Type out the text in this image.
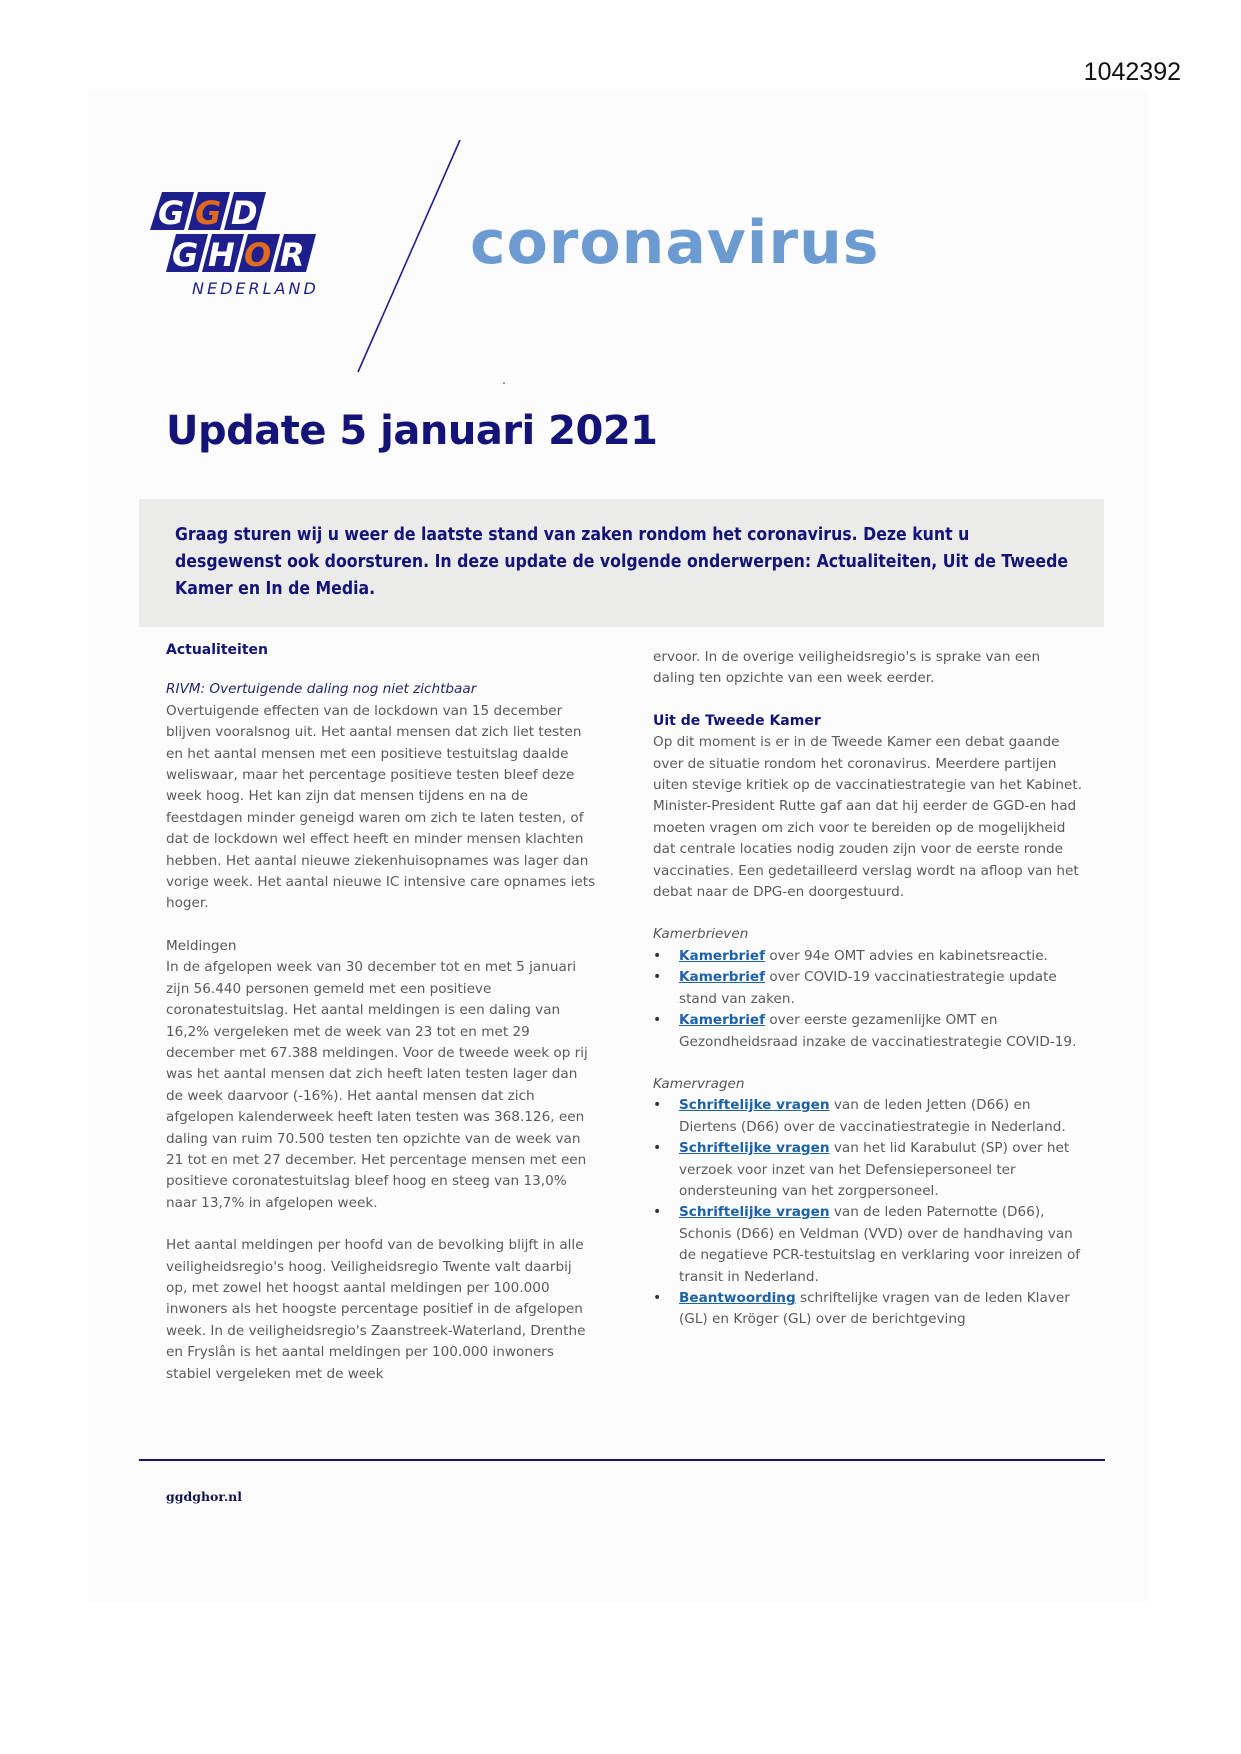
1042392
G G D
G H O R
NEDERLAND
coronavirus
Update 5 januari 2021
Graag sturen wij u weer de laatste stand van zaken rondom het coronavirus. Deze kunt u desgewenst ook doorsturen. In deze update de volgende onderwerpen: Actualiteiten, Uit de Tweede Kamer en In de Media.

Actualiteiten

RIVM: Overtuigende daling nog niet zichtbaar

Overtuigende effecten van de lockdown van 15 december blijven vooralsnog uit. Het aantal mensen dat zich liet testen en het aantal mensen met een positieve testuitslag daalde weliswaar, maar het percentage positieve testen bleef deze week hoog. Het kan zijn dat mensen tijdens en na de feestdagen minder geneigd waren om zich te laten testen, of dat de lockdown wel effect heeft en minder mensen klachten hebben. Het aantal nieuwe ziekenhuisopnames was lager dan vorige week. Het aantal nieuwe IC intensive care opnames iets hoger.

Meldingen

In de afgelopen week van 30 december tot en met 5 januari zijn 56.440 personen gemeld met een positieve coronatestuitslag. Het aantal meldingen is een daling van 16,2% vergeleken met de week van 23 tot en met 29 december met 67.388 meldingen. Voor de tweede week op rij was het aantal mensen dat zich heeft laten testen lager dan de week daarvoor (-16%). Het aantal mensen dat zich afgelopen kalenderweek heeft laten testen was 368.126, een daling van ruim 70.500 testen ten opzichte van de week van 21 tot en met 27 december. Het percentage mensen met een positieve coronatestuitslag bleef hoog en steeg van 13,0% naar 13,7% in afgelopen week.

Het aantal meldingen per hoofd van de bevolking blijft in alle veiligheidsregio's hoog. Veiligheidsregio Twente valt daarbij op, met zowel het hoogst aantal meldingen per 100.000 inwoners als het hoogste percentage positief in de afgelopen week. In de veiligheidsregio's Zaanstreek-Waterland, Drenthe en Fryslân is het aantal meldingen per 100.000 inwoners stabiel vergeleken met de week

ervoor. In de overige veiligheidsregio's is sprake van een daling ten opzichte van een week eerder.

Uit de Tweede Kamer

Op dit moment is er in de Tweede Kamer een debat gaande over de situatie rondom het coronavirus. Meerdere partijen uiten stevige kritiek op de vaccinatiestrategie van het Kabinet. Minister-President Rutte gaf aan dat hij eerder de GGD-en had moeten vragen om zich voor te bereiden op de mogelijkheid dat centrale locaties nodig zouden zijn voor de eerste ronde vaccinaties. Een gedetailleerd verslag wordt na afloop van het debat naar de DPG-en doorgestuurd.

Kamerbrieven

• Kamerbrief over 94e OMT advies en kabinetsreactie.
• Kamerbrief over COVID-19 vaccinatiestrategie update stand van zaken.
• Kamerbrief over eerste gezamenlijke OMT en Gezondheidsraad inzake de vaccinatiestrategie COVID-19.

Kamervragen

• Schriftelijke vragen van de leden Jetten (D66) en Diertens (D66) over de vaccinatiestrategie in Nederland.
• Schriftelijke vragen van het lid Karabulut (SP) over het verzoek voor inzet van het Defensiepersoneel ter ondersteuning van het zorgpersoneel.
• Schriftelijke vragen van de leden Paternotte (D66), Schonis (D66) en Veldman (VVD) over de handhaving van de negatieve PCR-testuitslag en verklaring voor inreizen of transit in Nederland.
• Beantwoording schriftelijke vragen van de leden Klaver (GL) en Kröger (GL) over de berichtgeving
ggdghor.nl
